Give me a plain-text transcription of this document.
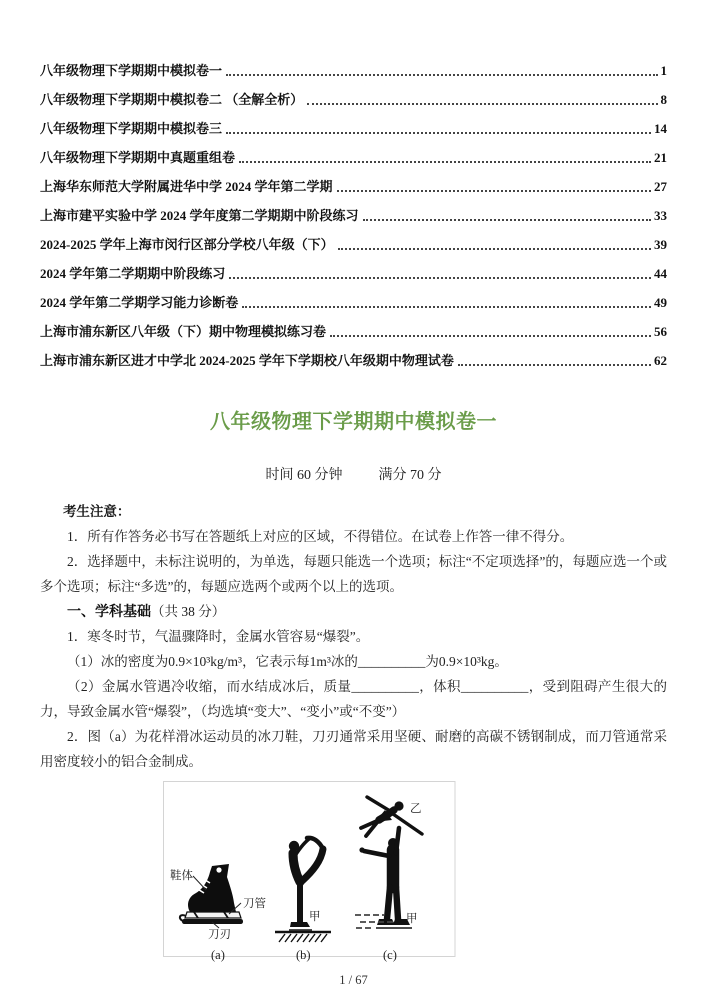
八年级物理下学期期中模拟卷一	1
八年级物理下学期期中模拟卷二 （全解全析）	8
八年级物理下学期期中模拟卷三	14
八年级物理下学期期中真题重组卷	21
上海华东师范大学附属进华中学 2024 学年第二学期	27
上海市建平实验中学 2024 学年度第二学期期中阶段练习	33
2024-2025 学年上海市闵行区部分学校八年级（下）	39
2024 学年第二学期期中阶段练习	44
2024 学年第二学期学习能力诊断卷	49
上海市浦东新区八年级（下）期中物理模拟练习卷	56
上海市浦东新区进才中学北 2024-2025 学年下学期校八年级期中物理试卷	62
八年级物理下学期期中模拟卷一
时间 60 分钟	满分 70 分

考生注意：

1．所有作答务必书写在答题纸上对应的区域，不得错位。在试卷上作答一律不得分。

2．选择题中，未标注说明的，为单选，每题只能选一个选项；标注“不定项选择”的，每题应选一个或多个选项；标注“多选”的，每题应选两个或两个以上的选项。

一、学科基础（共 38 分）

1．寒冬时节，气温骤降时，金属水管容易“爆裂”。

（1）冰的密度为0.9×10³kg/m³，它表示每1m³冰的__________为0.9×10³kg。

（2）金属水管遇冷收缩，而水结成冰后，质量__________，体积__________，受到阻碍产生很大的力，导致金属水管“爆裂”，（均选填“变大”、“变小”或“不变”）

2．图（a）为花样滑冰运动员的冰刀鞋，刀刃通常采用坚硬、耐磨的高碳不锈钢制成，而刀管通常采用密度较小的铝合金制成。

鞋体
刀管
刀刃
(a)
甲
(b)
乙
甲
(c)
1 / 67
